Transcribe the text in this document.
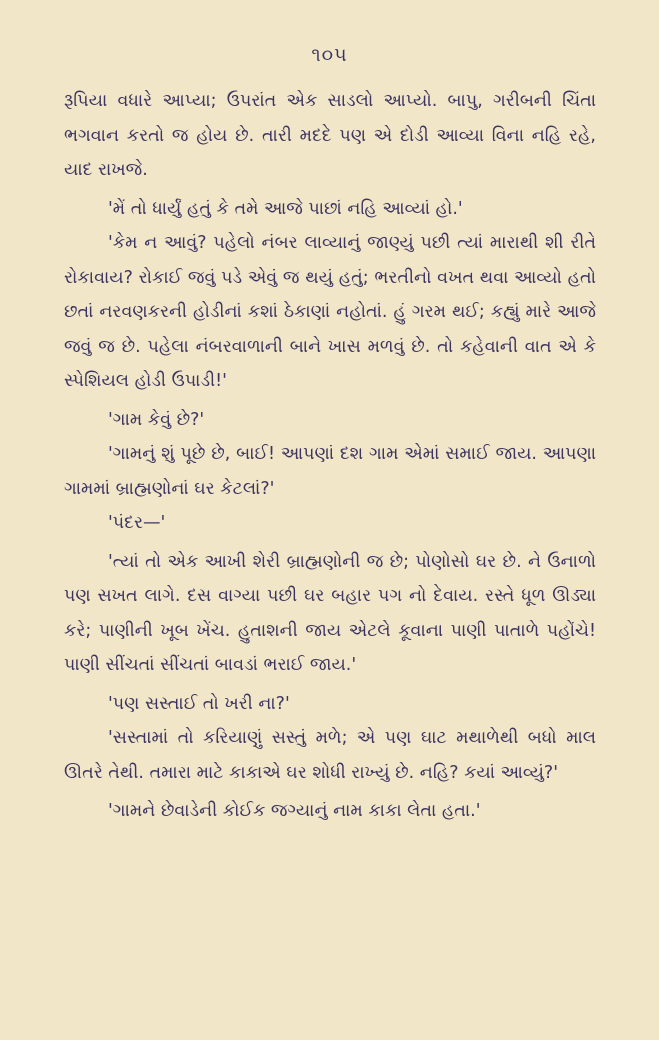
૧૦૫

રૂપિયા વધારે આપ્યા; ઉપરાંત એક સાડલો આપ્યો. બાપુ, ગરીબની ચિંતા ભગવાન કરતો જ હોય છે. તારી મદદે પણ એ દોડી આવ્યા વિના નહિ રહે, યાદ રાખજે.

'મેં તો ધાર્યું હતું કે તમે આજે પાછાં નહિ આવ્યાં હો.'

'કેમ ન આવું? પહેલો નંબર લાવ્યાનું જાણ્યું પછી ત્યાં મારાથી શી રીતે રોકાવાય? રોકાઈ જવું પડે એવું જ થયું હતું; ભરતીનો વખત થવા આવ્યો હતો છતાં નરવણકરની હોડીનાં કશાં ઠેકાણાં નહોતાં. હું ગરમ થઈ; કહ્યું મારે આજે જવું જ છે. પહેલા નંબરવાળાની બાને ખાસ મળવું છે. તો કહેવાની વાત એ કે સ્પેશિયલ હોડી ઉપાડી!'

'ગામ કેવું છે?'

'ગામનું શું પૂછે છે, બાઈ! આપણાં દશ ગામ એમાં સમાઈ જાય. આપણા ગામમાં બ્રાહ્મણોનાં ઘર કેટલાં?'

'પંદર—'

'ત્યાં તો એક આખી શેરી બ્રાહ્મણોની જ છે; પોણોસો ઘર છે. ને ઉનાળો પણ સખત લાગે. દસ વાગ્યા પછી ઘર બહાર પગ નો દેવાય. રસ્તે ધૂળ ઊડ્યા કરે; પાણીની ખૂબ ખેંચ. હુતાશની જાય એટલે કૂવાના પાણી પાતાળે પહોંચે! પાણી સીંચતાં સીંચતાં બાવડાં ભરાઈ જાય.'

'પણ સસ્તાઈ તો ખરી ના?'

'સસ્તામાં તો કરિયાણું સસ્તું મળે; એ પણ ઘાટ મથાળેથી બધો માલ ઊતરે તેથી. તમારા માટે કાકાએ ઘર શોધી રાખ્યું છે. નહિ? કયાં આવ્યું?'

'ગામને છેવાડેની કોઈક જગ્યાનું નામ કાકા લેતા હતા.'
